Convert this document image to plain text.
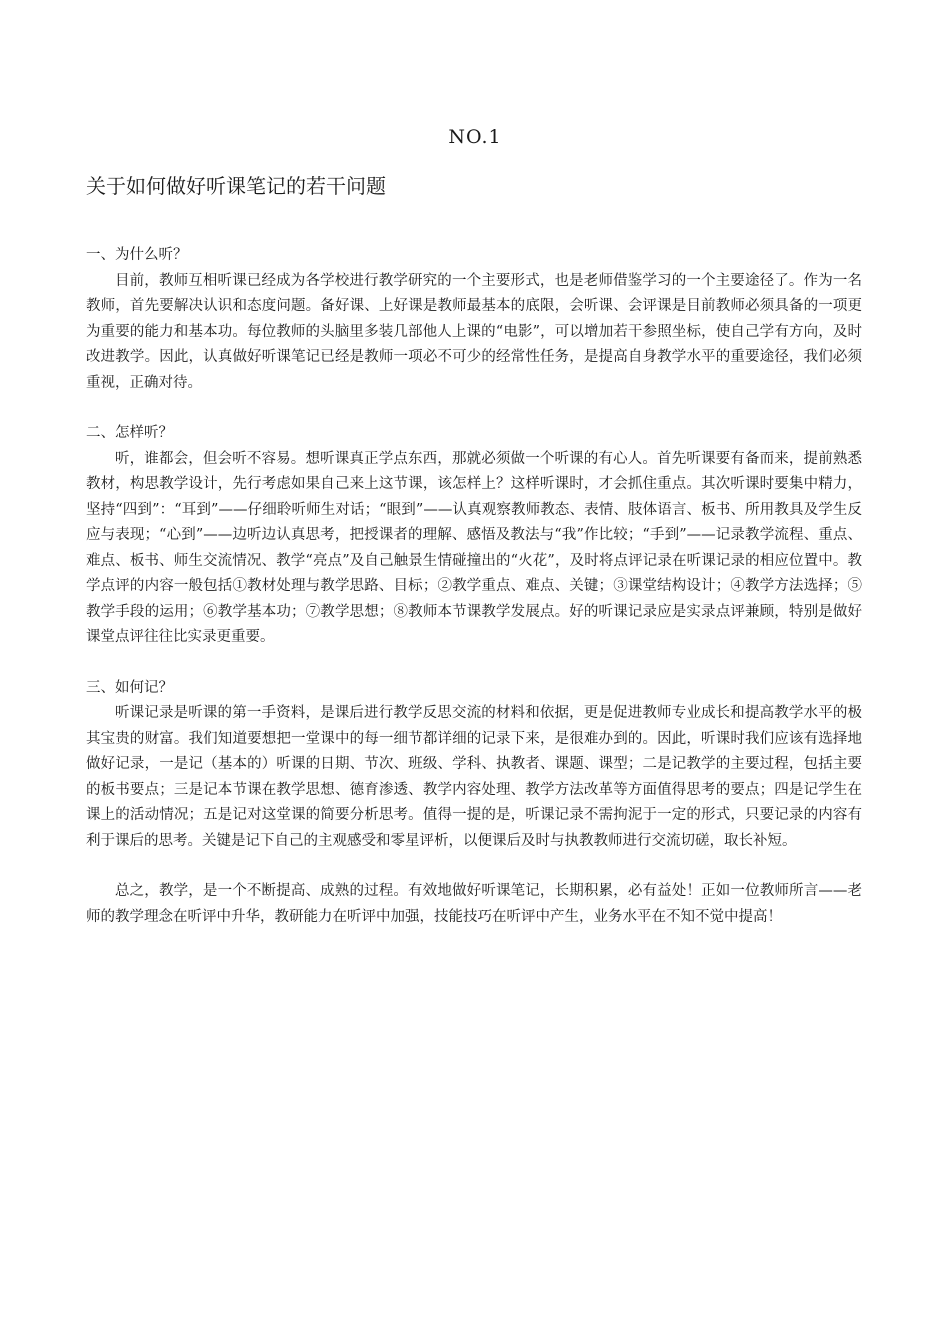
NO.1
关于如何做好听课笔记的若干问题

一、为什么听？

目前，教师互相听课已经成为各学校进行教学研究的一个主要形式，也是老师借鉴学习的一个主要途径了。作为一名教师，首先要解决认识和态度问题。备好课、上好课是教师最基本的底限，会听课、会评课是目前教师必须具备的一项更为重要的能力和基本功。每位教师的头脑里多装几部他人上课的“电影”，可以增加若干参照坐标，使自己学有方向，及时改进教学。因此，认真做好听课笔记已经是教师一项必不可少的经常性任务，是提高自身教学水平的重要途径，我们必须重视，正确对待。

二、怎样听？

听，谁都会，但会听不容易。想听课真正学点东西，那就必须做一个听课的有心人。首先听课要有备而来，提前熟悉教材，构思教学设计，先行考虑如果自己来上这节课，该怎样上？这样听课时，才会抓住重点。其次听课时要集中精力，坚持“四到”：“耳到”——仔细聆听师生对话；“眼到”——认真观察教师教态、表情、肢体语言、板书、所用教具及学生反应与表现；“心到”——边听边认真思考，把授课者的理解、感悟及教法与“我”作比较；“手到”——记录教学流程、重点、难点、板书、师生交流情况、教学“亮点”及自己触景生情碰撞出的“火花”，及时将点评记录在听课记录的相应位置中。教学点评的内容一般包括①教材处理与教学思路、目标；②教学重点、难点、关键；③课堂结构设计；④教学方法选择；⑤教学手段的运用；⑥教学基本功；⑦教学思想；⑧教师本节课教学发展点。好的听课记录应是实录点评兼顾，特别是做好课堂点评往往比实录更重要。

三、如何记？

听课记录是听课的第一手资料，是课后进行教学反思交流的材料和依据，更是促进教师专业成长和提高教学水平的极其宝贵的财富。我们知道要想把一堂课中的每一细节都详细的记录下来，是很难办到的。因此，听课时我们应该有选择地做好记录，一是记（基本的）听课的日期、节次、班级、学科、执教者、课题、课型；二是记教学的主要过程，包括主要的板书要点；三是记本节课在教学思想、德育渗透、教学内容处理、教学方法改革等方面值得思考的要点；四是记学生在课上的活动情况；五是记对这堂课的简要分析思考。值得一提的是，听课记录不需拘泥于一定的形式，只要记录的内容有利于课后的思考。关键是记下自己的主观感受和零星评析，以便课后及时与执教教师进行交流切磋，取长补短。

总之，教学，是一个不断提高、成熟的过程。有效地做好听课笔记，长期积累，必有益处！正如一位教师所言——老师的教学理念在听评中升华，教研能力在听评中加强，技能技巧在听评中产生，业务水平在不知不觉中提高！
